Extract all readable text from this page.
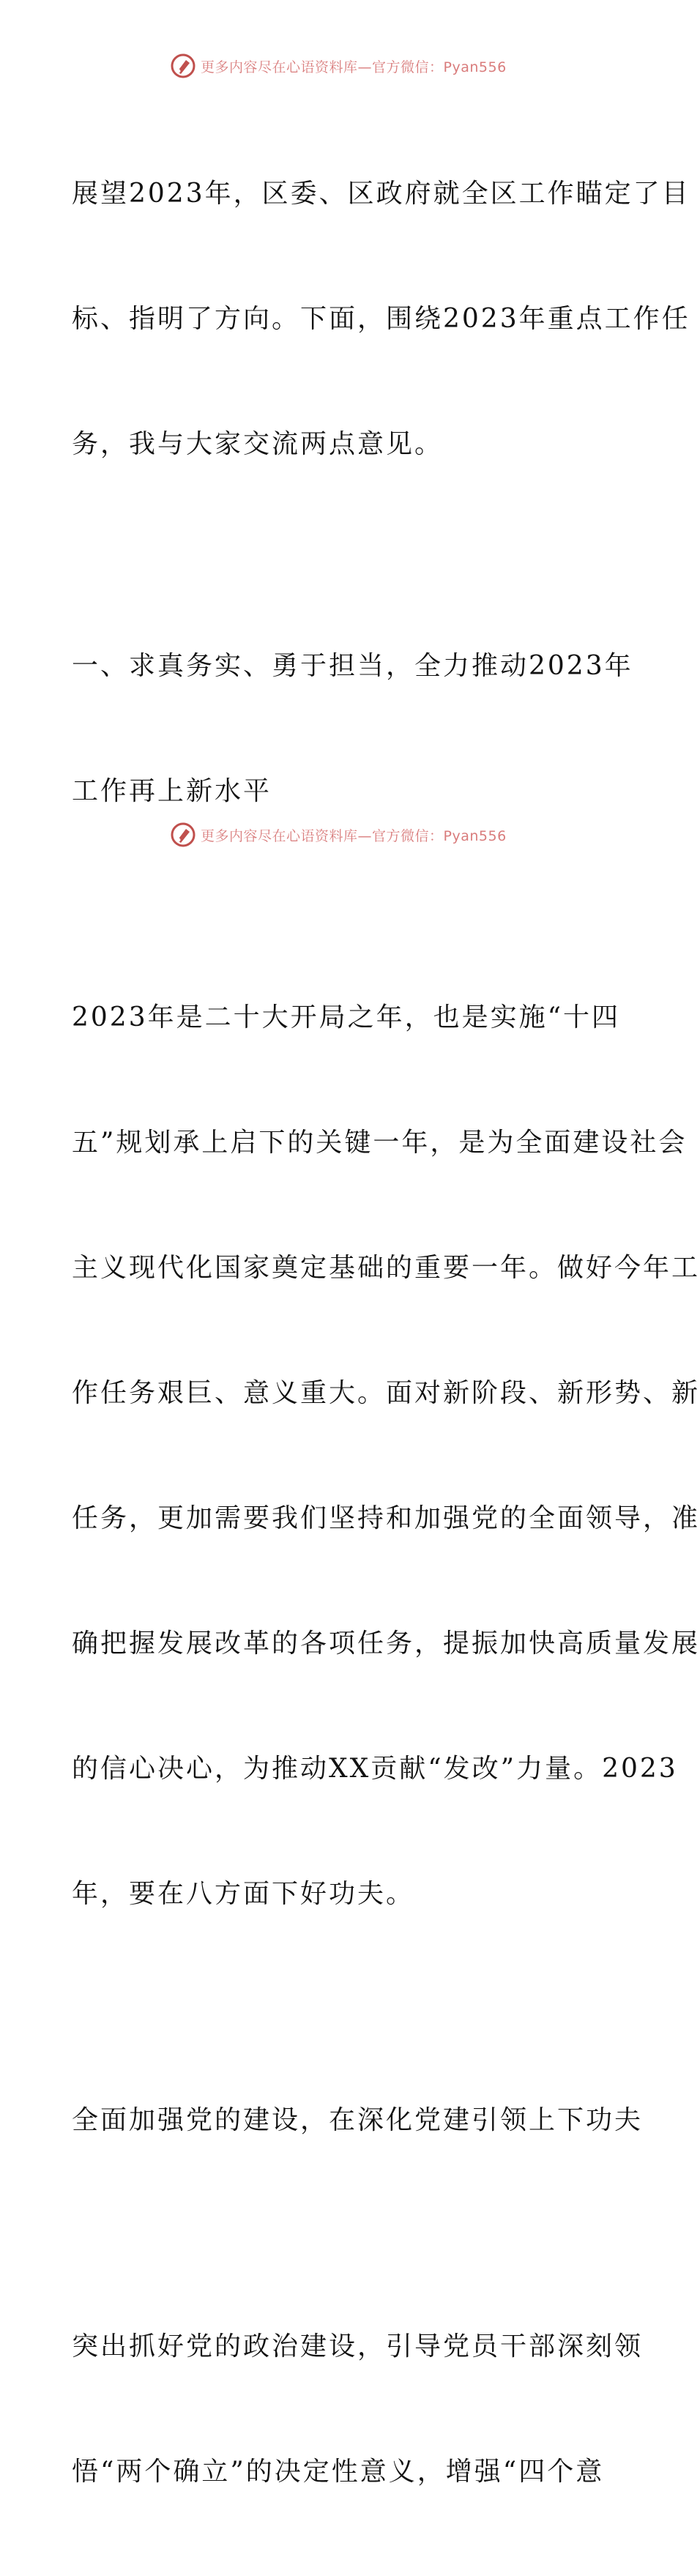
更多内容尽在心语资料库—官方微信：Pyan556

展望2023年，区委、区政府就全区工作瞄定了目

标、指明了方向。下面，围绕2023年重点工作任

务，我与大家交流两点意见。

一、求真务实、勇于担当，全力推动2023年

工作再上新水平

2023年是二十大开局之年，也是实施“十四

五”规划承上启下的关键一年，是为全面建设社会

主义现代化国家奠定基础的重要一年。做好今年工

作任务艰巨、意义重大。面对新阶段、新形势、新

任务，更加需要我们坚持和加强党的全面领导，准

确把握发展改革的各项任务，提振加快高质量发展

的信心决心，为推动XX贡献“发改”力量。2023

年，要在八方面下好功夫。

全面加强党的建设，在深化党建引领上下功夫

突出抓好党的政治建设，引导党员干部深刻领

悟“两个确立”的决定性意义，增强“四个意

更多内容尽在心语资料库—官方微信：Pyan556
